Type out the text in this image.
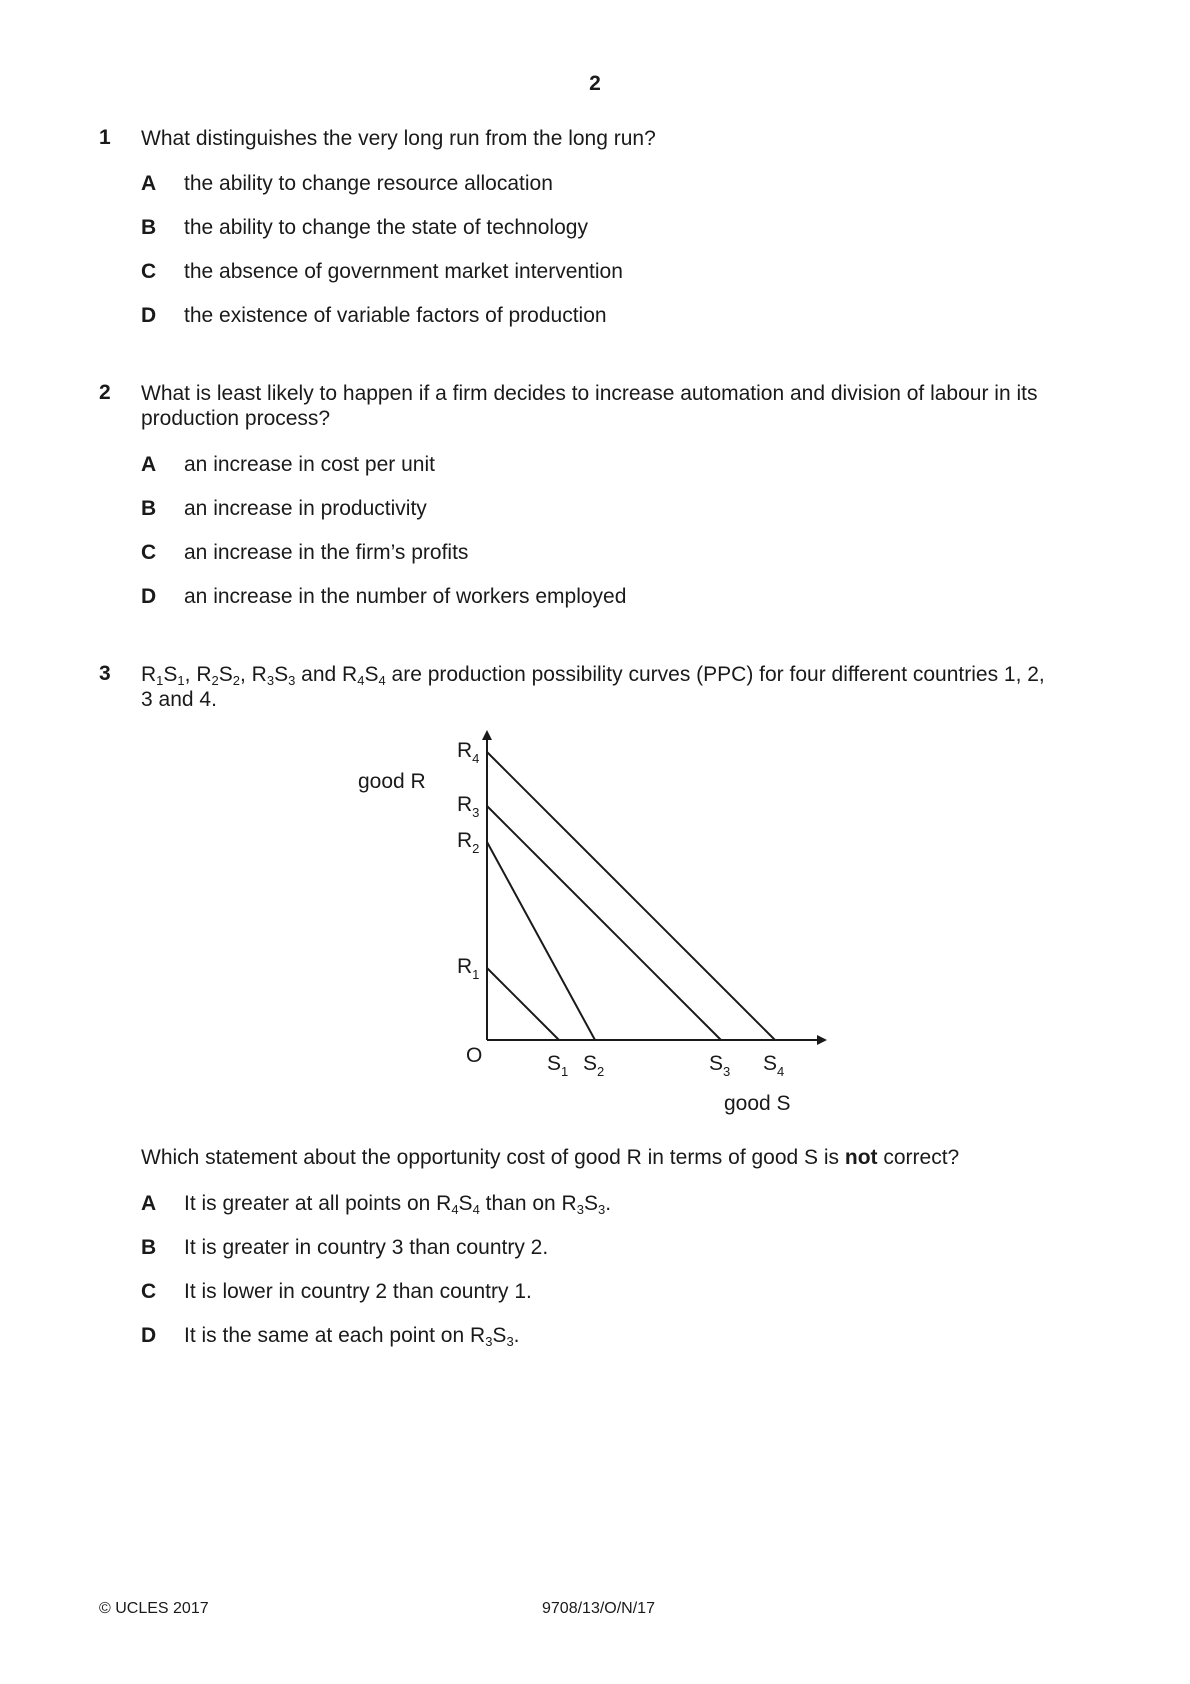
2
1 What distinguishes the very long run from the long run?
A the ability to change resource allocation
B the ability to change the state of technology
C the absence of government market intervention
D the existence of variable factors of production
2 What is least likely to happen if a firm decides to increase automation and division of labour in its
production process?
A an increase in cost per unit
B an increase in productivity
C an increase in the firm’s profits
D an increase in the number of workers employed
3 $R_1S_1$, $R_2S_2$, $R_3S_3$ and $R_4S_4$ are production possibility curves (PPC) for four different countries 1, 2,
3 and 4.
good R
good S
O
$R_1$
$S_1$
$R_2$
$S_2$
$R_3$
$S_3$
$R_4$
$S_4$
Which statement about the opportunity cost of good R in terms of good S is not correct?
A It is greater at all points on $R_4S_4$ than on $R_3S_3$.
B It is greater in country 3 than country 2.
C It is lower in country 2 than country 1.
D It is the same at each point on $R_3S_3$.
© UCLES 2017	9708/13/O/N/17
